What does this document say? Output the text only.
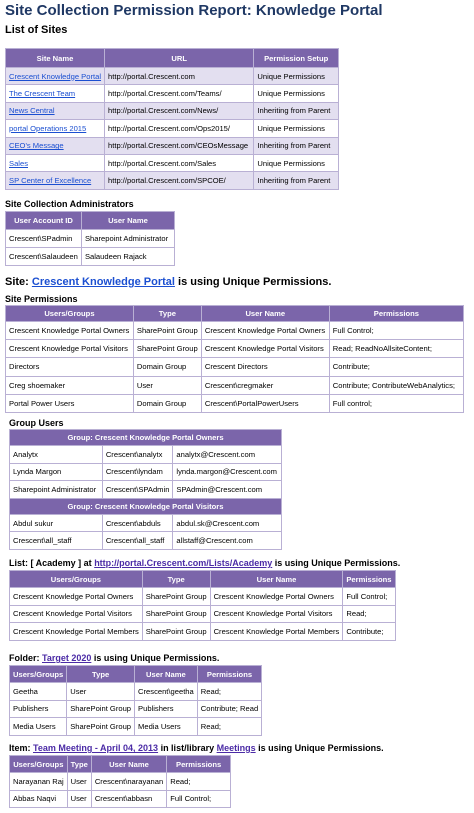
Site Collection Permission Report: Knowledge Portal
List of Sites
Site Name	URL	Permission Setup
Crescent Knowledge Portal	http://portal.Crescent.com	Unique Permissions
The Crescent Team	http://portal.Crescent.com/Teams/	Unique Permissions
News Central	http://portal.Crescent.com/News/	Inheriting from Parent
portal Operations 2015	http://portal.Crescent.com/Ops2015/	Unique Permissions
CEO's Message	http://portal.Crescent.com/CEOsMessage	Inheriting from Parent
Sales	http://portal.Crescent.com/Sales	Unique Permissions
SP Center of Excellence	http://portal.Crescent.com/SPCOE/	Inheriting from Parent
Site Collection Administrators
User Account ID	User Name
Crescent\SPadmin	Sharepoint Administrator
Crescent\Salaudeen	Salaudeen Rajack
Site: Crescent Knowledge Portal is using Unique Permissions.
Site Permissions
Users/Groups	Type	User Name	Permissions
Crescent Knowledge Portal Owners	SharePoint Group	Crescent Knowledge Portal Owners	Full Control;
Crescent Knowledge Portal Visitors	SharePoint Group	Crescent Knowledge Portal Visitors	Read; ReadNoAllsiteContent;
Directors	Domain Group	Crescent Directors	Contribute;
Creg shoemaker	User	Crescent\cregmaker	Contribute; ContributeWebAnalytics;
Portal Power Users	Domain Group	Crescent\PortalPowerUsers	Full control;
Group Users
Group: Crescent Knowledge Portal Owners		
Analytx	Crescent\analytx	analytx@Crescent.com
Lynda Margon	Crescent\lyndam	lynda.margon@Crescent.com
Sharepoint Administrator	Crescent\SPAdmin	SPAdmin@Crescent.com
Group: Crescent Knowledge Portal Visitors		
Abdul sukur	Crescent\abduls	abdul.sk@Crescent.com
Crescent\all_staff	Crescent\all_staff	allstaff@Crescent.com
List: [ Academy ] at http://portal.Crescent.com/Lists/Academy is using Unique Permissions.
Users/Groups	Type	User Name	Permissions
Crescent Knowledge Portal Owners	SharePoint Group	Crescent Knowledge Portal Owners	Full Control;
Crescent Knowledge Portal Visitors	SharePoint Group	Crescent Knowledge Portal Visitors	Read;
Crescent Knowledge Portal Members	SharePoint Group	Crescent Knowledge Portal Members	Contribute;
Folder: Target 2020 is using Unique Permissions.
Users/Groups	Type	User Name	Permissions
Geetha	User	Crescent\geetha	Read;
Publishers	SharePoint Group	Publishers	Contribute; Read
Media Users	SharePoint Group	Media Users	Read;
Item: Team Meeting - April 04, 2013 in list/library Meetings is using Unique Permissions.
Users/Groups	Type	User Name	Permissions
Narayanan Raj	User	Crescent\narayanan	Read;
Abbas Naqvi	User	Crescent\abbasn	Full Control;
